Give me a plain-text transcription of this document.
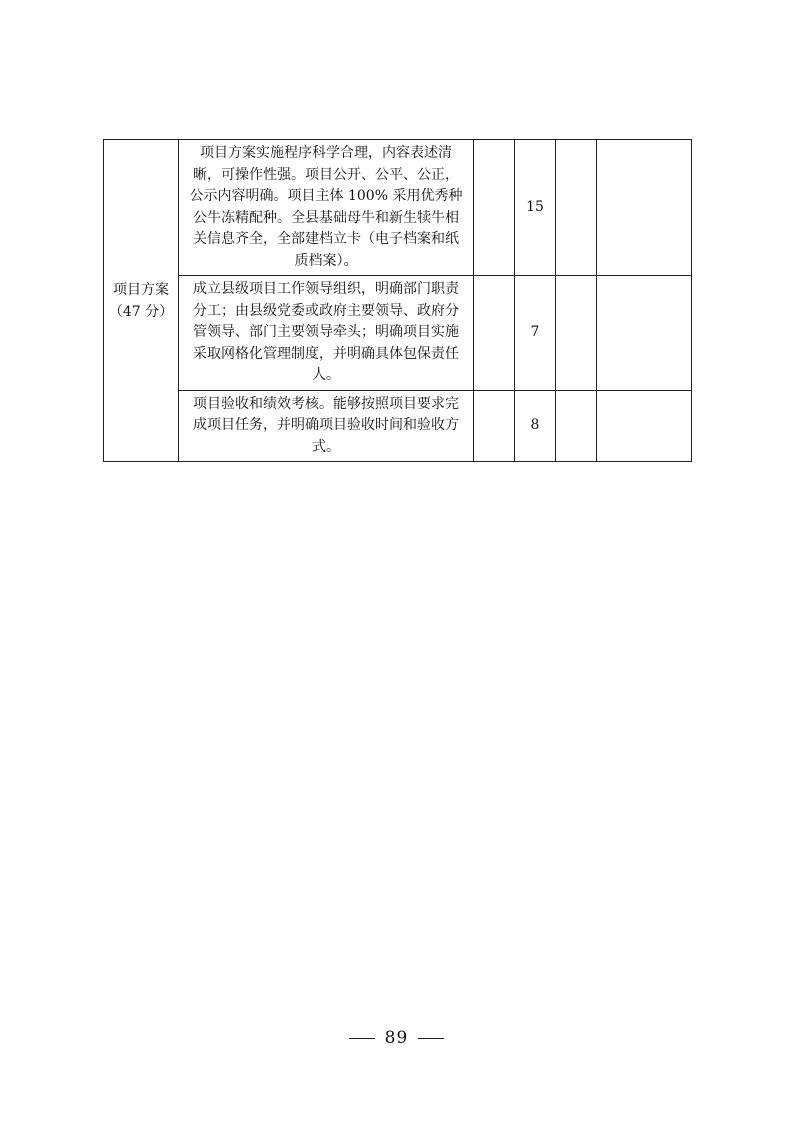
项目方案
（47 分）	项目方案实施程序科学合理，内容表述清晰，可操作性强。项目公开、公平、公正，公示内容明确。项目主体 100% 采用优秀种公牛冻精配种。全县基础母牛和新生犊牛相关信息齐全，全部建档立卡（电子档案和纸质档案）。		15		
	成立县级项目工作领导组织，明确部门职责分工；由县级党委或政府主要领导、政府分管领导、部门主要领导牵头；明确项目实施采取网格化管理制度，并明确具体包保责任人。		7		
	项目验收和绩效考核。能够按照项目要求完成项目任务，并明确项目验收时间和验收方式。		8		
89
